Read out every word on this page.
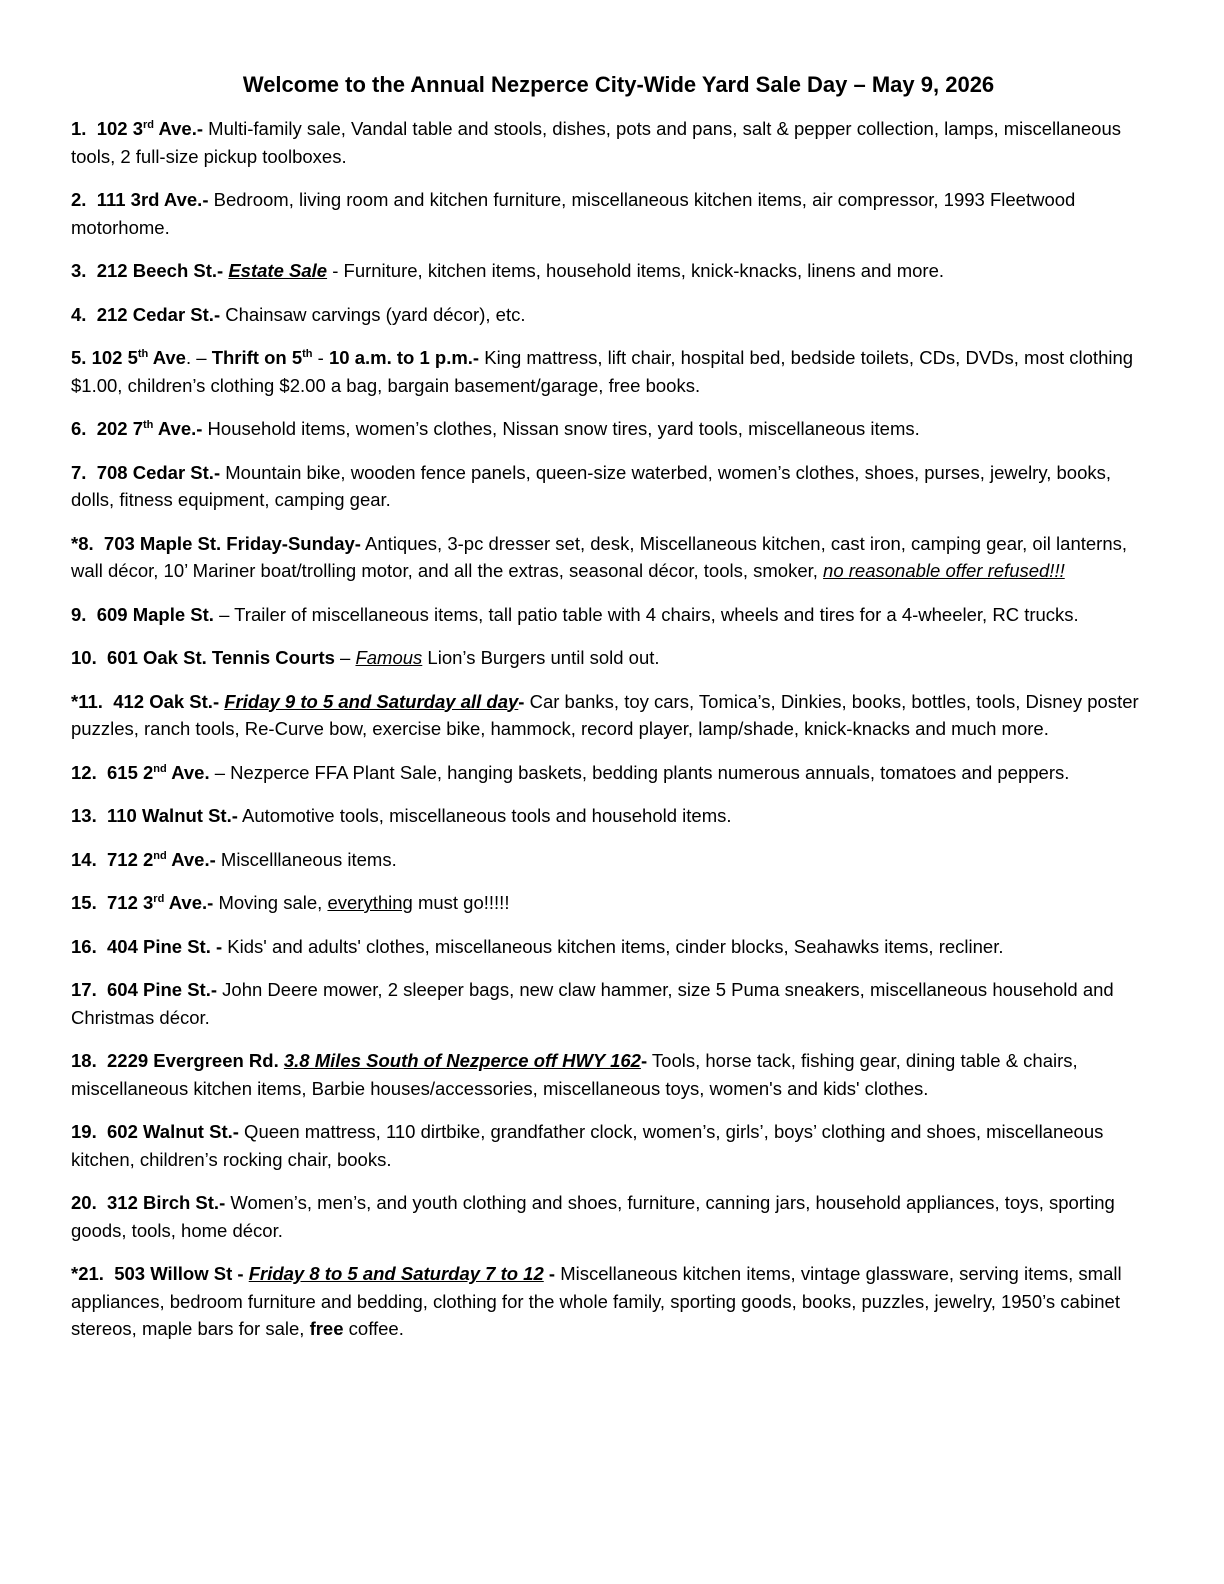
Welcome to the Annual Nezperce City-Wide Yard Sale Day – May 9, 2026

1. 102 3rd Ave.- Multi-family sale, Vandal table and stools, dishes, pots and pans, salt & pepper collection, lamps, miscellaneous tools, 2 full-size pickup toolboxes.

2. 111 3rd Ave.- Bedroom, living room and kitchen furniture, miscellaneous kitchen items, air compressor, 1993 Fleetwood motorhome.

3. 212 Beech St.- Estate Sale - Furniture, kitchen items, household items, knick-knacks, linens and more.

4. 212 Cedar St.- Chainsaw carvings (yard décor), etc.

5. 102 5th Ave. – Thrift on 5th - 10 a.m. to 1 p.m.- King mattress, lift chair, hospital bed, bedside toilets, CDs, DVDs, most clothing $1.00, children’s clothing $2.00 a bag, bargain basement/garage, free books.

6. 202 7th Ave.- Household items, women’s clothes, Nissan snow tires, yard tools, miscellaneous items.

7. 708 Cedar St.- Mountain bike, wooden fence panels, queen-size waterbed, women’s clothes, shoes, purses, jewelry, books, dolls, fitness equipment, camping gear.

*8. 703 Maple St. Friday-Sunday- Antiques, 3-pc dresser set, desk, Miscellaneous kitchen, cast iron, camping gear, oil lanterns, wall décor, 10’ Mariner boat/trolling motor, and all the extras, seasonal décor, tools, smoker, no reasonable offer refused!!!

9. 609 Maple St. – Trailer of miscellaneous items, tall patio table with 4 chairs, wheels and tires for a 4-wheeler, RC trucks.

10. 601 Oak St. Tennis Courts – Famous Lion’s Burgers until sold out.

*11. 412 Oak St.- Friday 9 to 5 and Saturday all day- Car banks, toy cars, Tomica’s, Dinkies, books, bottles, tools, Disney poster puzzles, ranch tools, Re-Curve bow, exercise bike, hammock, record player, lamp/shade, knick-knacks and much more.

12. 615 2nd Ave. – Nezperce FFA Plant Sale, hanging baskets, bedding plants numerous annuals, tomatoes and peppers.

13. 110 Walnut St.- Automotive tools, miscellaneous tools and household items.

14. 712 2nd Ave.- Miscelllaneous items.

15. 712 3rd Ave.- Moving sale, everything must go!!!!!

16. 404 Pine St. - Kids' and adults' clothes, miscellaneous kitchen items, cinder blocks, Seahawks items, recliner.

17. 604 Pine St.- John Deere mower, 2 sleeper bags, new claw hammer, size 5 Puma sneakers, miscellaneous household and Christmas décor.

18. 2229 Evergreen Rd. 3.8 Miles South of Nezperce off HWY 162- Tools, horse tack, fishing gear, dining table & chairs, miscellaneous kitchen items, Barbie houses/accessories, miscellaneous toys, women's and kids' clothes.

19. 602 Walnut St.- Queen mattress, 110 dirtbike, grandfather clock, women’s, girls’, boys’ clothing and shoes, miscellaneous kitchen, children’s rocking chair, books.

20. 312 Birch St.- Women’s, men’s, and youth clothing and shoes, furniture, canning jars, household appliances, toys, sporting goods, tools, home décor.

*21. 503 Willow St - Friday 8 to 5 and Saturday 7 to 12 - Miscellaneous kitchen items, vintage glassware, serving items, small appliances, bedroom furniture and bedding, clothing for the whole family, sporting goods, books, puzzles, jewelry, 1950’s cabinet stereos, maple bars for sale, free coffee.
